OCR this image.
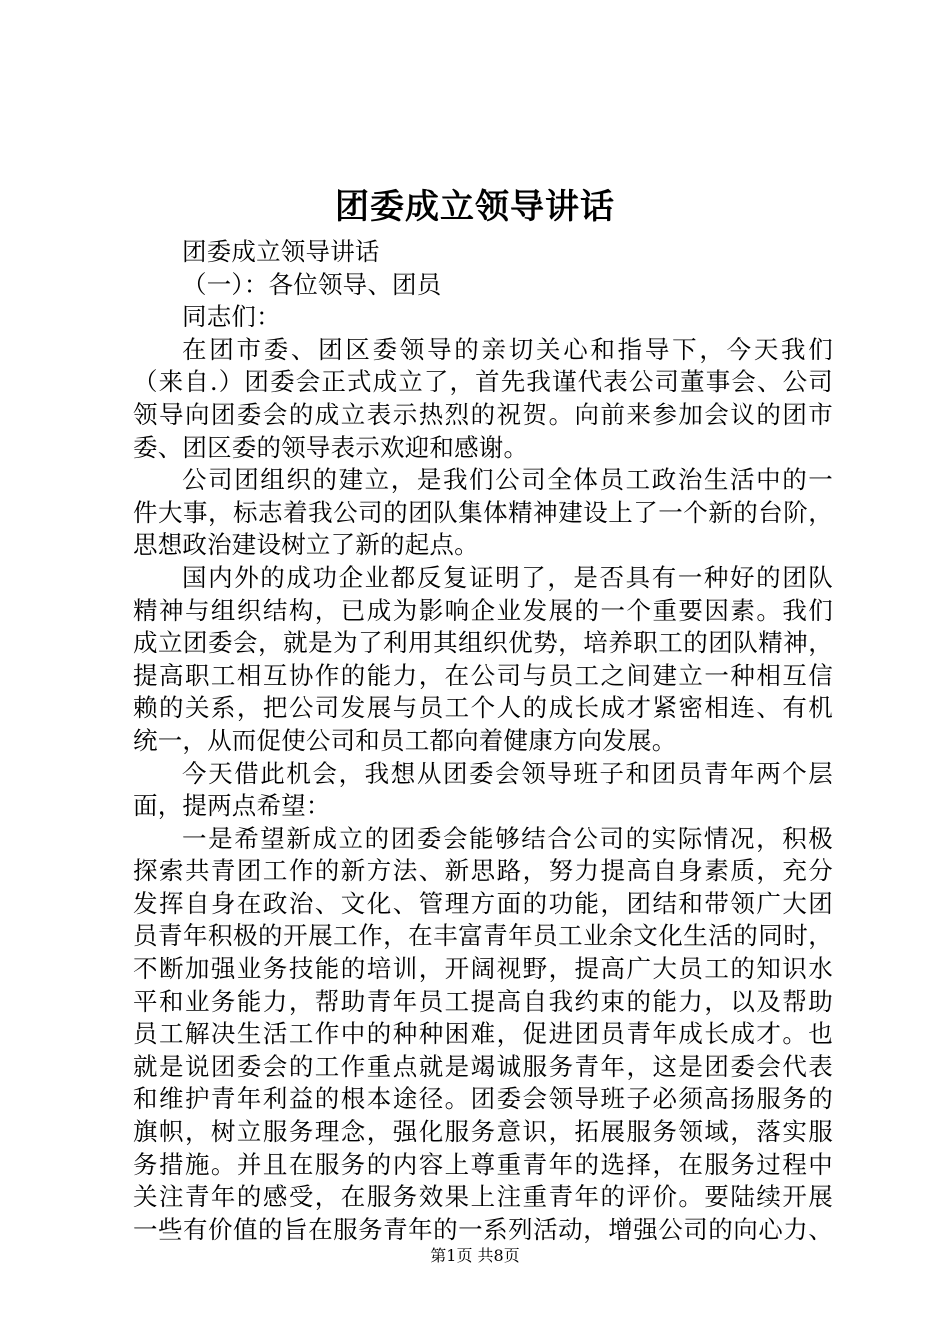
团委成立领导讲话
团委成立领导讲话
（一）：各位领导、团员
同志们：
在团市委、团区委领导的亲切关心和指导下，今天我们
（来自.）团委会正式成立了，首先我谨代表公司董事会、公司
领导向团委会的成立表示热烈的祝贺。向前来参加会议的团市
委、团区委的领导表示欢迎和感谢。
公司团组织的建立，是我们公司全体员工政治生活中的一
件大事，标志着我公司的团队集体精神建设上了一个新的台阶，
思想政治建设树立了新的起点。
国内外的成功企业都反复证明了，是否具有一种好的团队
精神与组织结构，已成为影响企业发展的一个重要因素。我们
成立团委会，就是为了利用其组织优势，培养职工的团队精神，
提高职工相互协作的能力，在公司与员工之间建立一种相互信
赖的关系，把公司发展与员工个人的成长成才紧密相连、有机
统一，从而促使公司和员工都向着健康方向发展。
今天借此机会，我想从团委会领导班子和团员青年两个层
面，提两点希望：
一是希望新成立的团委会能够结合公司的实际情况，积极
探索共青团工作的新方法、新思路，努力提高自身素质，充分
发挥自身在政治、文化、管理方面的功能，团结和带领广大团
员青年积极的开展工作，在丰富青年员工业余文化生活的同时，
不断加强业务技能的培训，开阔视野，提高广大员工的知识水
平和业务能力，帮助青年员工提高自我约束的能力，以及帮助
员工解决生活工作中的种种困难，促进团员青年成长成才。也
就是说团委会的工作重点就是竭诚服务青年，这是团委会代表
和维护青年利益的根本途径。团委会领导班子必须高扬服务的
旗帜，树立服务理念，强化服务意识，拓展服务领域，落实服
务措施。并且在服务的内容上尊重青年的选择，在服务过程中
关注青年的感受，在服务效果上注重青年的评价。要陆续开展
一些有价值的旨在服务青年的一系列活动，增强公司的向心力、
第1页 共8页
